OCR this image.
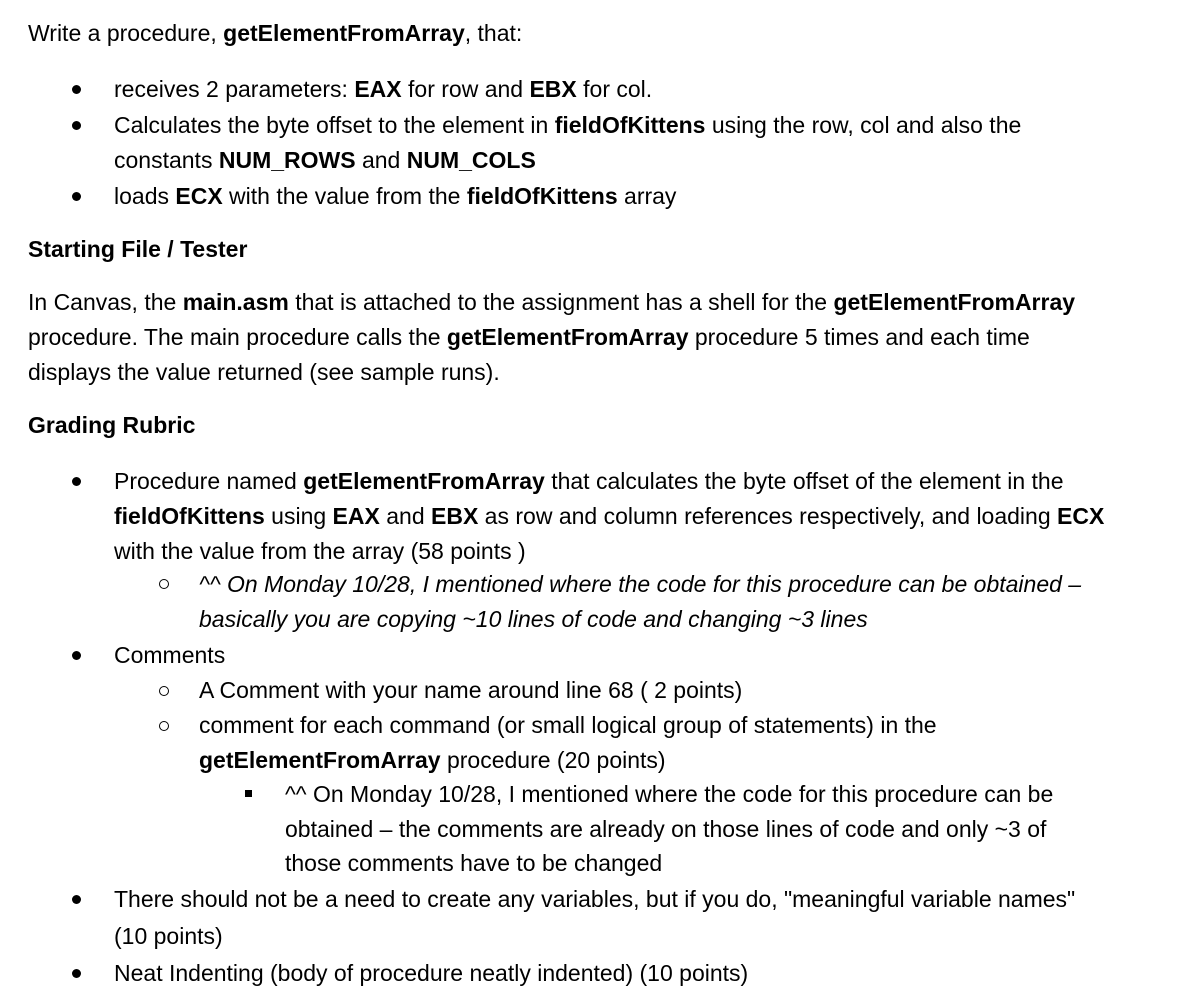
Write a procedure, getElementFromArray, that:
receives 2 parameters: EAX for row and EBX for col.
Calculates the byte offset to the element in fieldOfKittens using the row, col and also the
constants NUM_ROWS and NUM_COLS
loads ECX with the value from the fieldOfKittens array
Starting File / Tester
In Canvas, the main.asm that is attached to the assignment has a shell for the getElementFromArray
procedure. The main procedure calls the getElementFromArray procedure 5 times and each time
displays the value returned (see sample runs).
Grading Rubric
Procedure named getElementFromArray that calculates the byte offset of the element in the
fieldOfKittens using EAX and EBX as row and column references respectively, and loading ECX
with the value from the array (58 points )
^^ On Monday 10/28, I mentioned where the code for this procedure can be obtained –
basically you are copying ~10 lines of code and changing ~3 lines
Comments
A Comment with your name around line 68 ( 2 points)
comment for each command (or small logical group of statements) in the
getElementFromArray procedure (20 points)
^^ On Monday 10/28, I mentioned where the code for this procedure can be
obtained – the comments are already on those lines of code and only ~3 of
those comments have to be changed
There should not be a need to create any variables, but if you do, "meaningful variable names"
(10 points)
Neat Indenting (body of procedure neatly indented) (10 points)
